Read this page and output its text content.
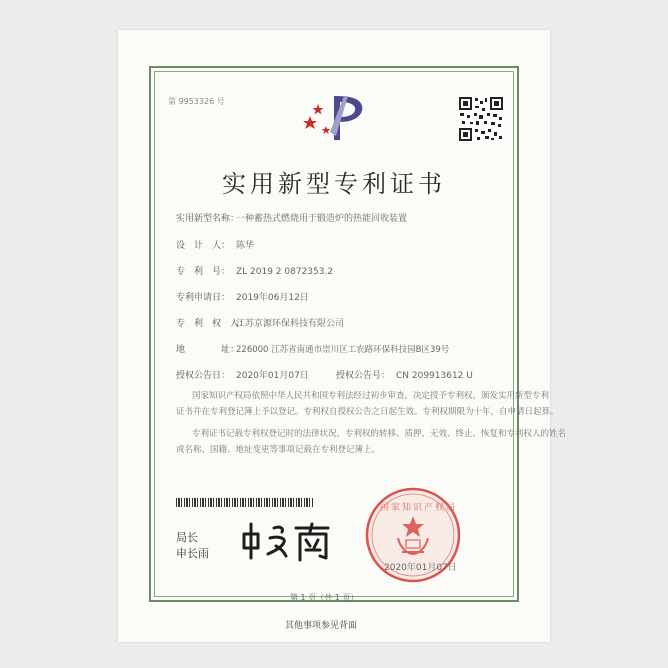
第 9953326 号
实用新型专利证书
实用新型名称：
一种蓄热式燃烧用于锻造炉的热能回收装置
设　计　人： 陈华
专　利　号： ZL 2019 2 0872353.2
专利申请日： 2019年06月12日
专　利　权　人：
江苏京源环保科技有限公司
地　　　　址：
226000 江苏省南通市崇川区工农路环保科技园B区39号
授权公告日： 2020年01月07日	授权公告号： CN 209913612 U
国家知识产权局依照中华人民共和国专利法经过初步审查，决定授予专利权，颁发实用新型专利
证书并在专利登记簿上予以登记。专利权自授权公告之日起生效。专利权期限为十年，自申请日起算。
专利证书记载专利权登记时的法律状况。专利权的转移、质押、无效、终止、恢复和专利权人的姓名
或名称、国籍、地址变更等事项记载在专利登记簿上。
局长
申长雨
国家知识产权局
2020年01月07日
第 1 页（共 1 页）
其他事项参见背面
